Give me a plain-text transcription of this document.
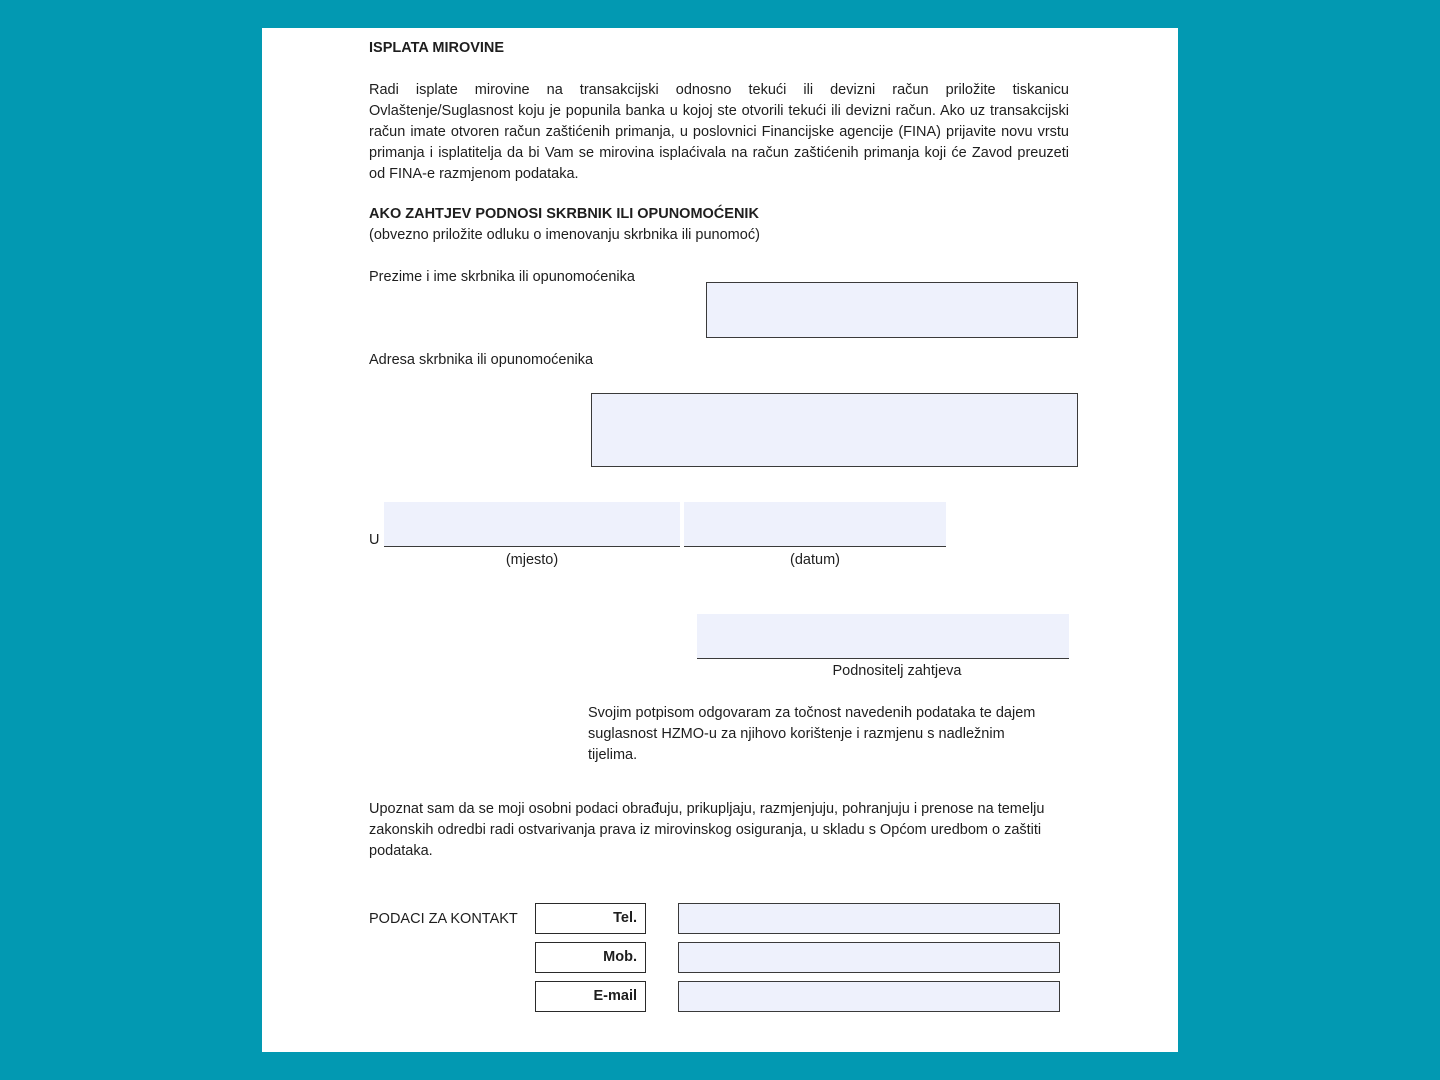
ISPLATA MIROVINE
Radi isplate mirovine na transakcijski odnosno tekući ili devizni račun priložite tiskanicu Ovlaštenje/Suglasnost koju je popunila banka u kojoj ste otvorili tekući ili devizni račun. Ako uz transakcijski račun imate otvoren račun zaštićenih primanja, u poslovnici Financijske agencije (FINA) prijavite novu vrstu primanja i isplatitelja da bi Vam se mirovina isplaćivala na račun zaštićenih primanja koji će Zavod preuzeti od FINA-e razmjenom podataka.
AKO ZAHTJEV PODNOSI SKRBNIK ILI OPUNOMOĆENIK
(obvezno priložite odluku o imenovanju skrbnika ili punomoć)
Prezime i ime skrbnika ili opunomoćenika
Adresa skrbnika ili opunomoćenika
U
(mjesto)	(datum)
Podnositelj zahtjeva
Svojim potpisom odgovaram za točnost navedenih podataka te dajem suglasnost HZMO-u za njihovo korištenje i razmjenu s nadležnim tijelima.
Upoznat sam da se moji osobni podaci obrađuju, prikupljaju, razmjenjuju, pohranjuju i prenose na temelju zakonskih odredbi radi ostvarivanja prava iz mirovinskog osiguranja, u skladu s Općom uredbom o zaštiti podataka.
PODACI ZA KONTAKT	Tel.
Mob.
E-mail
